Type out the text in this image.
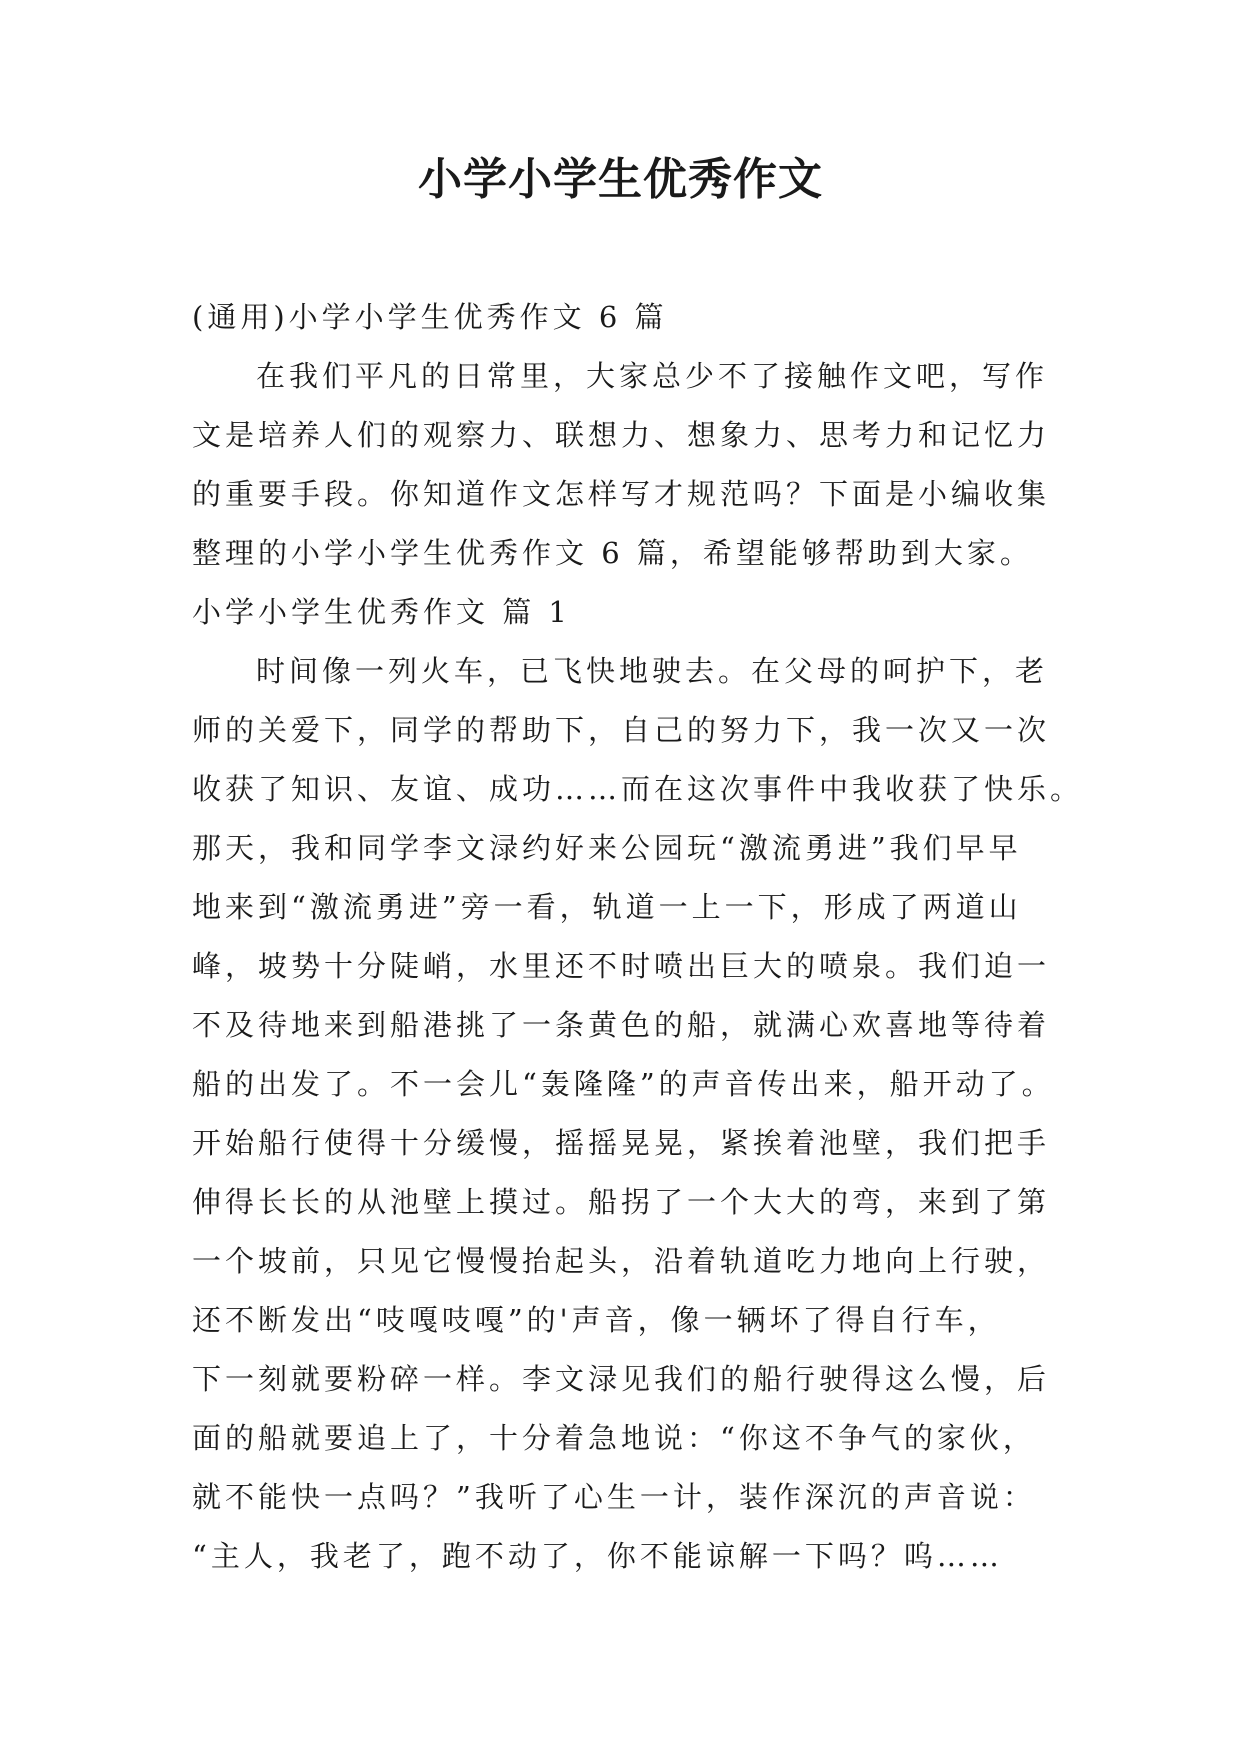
小学小学生优秀作文
(通用)小学小学生优秀作文 6 篇
在我们平凡的日常里，大家总少不了接触作文吧，写作
文是培养人们的观察力、联想力、想象力、思考力和记忆力
的重要手段。你知道作文怎样写才规范吗？下面是小编收集
整理的小学小学生优秀作文 6 篇，希望能够帮助到大家。
小学小学生优秀作文 篇 1
时间像一列火车，已飞快地驶去。在父母的呵护下，老
师的关爱下，同学的帮助下，自己的努力下，我一次又一次
收获了知识、友谊、成功……而在这次事件中我收获了快乐。
那天，我和同学李文渌约好来公园玩“激流勇进”我们早早
地来到“激流勇进”旁一看，轨道一上一下，形成了两道山
峰，坡势十分陡峭，水里还不时喷出巨大的喷泉。我们迫一
不及待地来到船港挑了一条黄色的船，就满心欢喜地等待着
船的出发了。不一会儿“轰隆隆”的声音传出来，船开动了。
开始船行使得十分缓慢，摇摇晃晃，紧挨着池壁，我们把手
伸得长长的从池壁上摸过。船拐了一个大大的弯，来到了第
一个坡前，只见它慢慢抬起头，沿着轨道吃力地向上行驶，
还不断发出“吱嘎吱嘎”的'声音，像一辆坏了得自行车，
下一刻就要粉碎一样。李文渌见我们的船行驶得这么慢，后
面的船就要追上了，十分着急地说：“你这不争气的家伙，
就不能快一点吗？”我听了心生一计，装作深沉的声音说：
“主人，我老了，跑不动了，你不能谅解一下吗？呜……
